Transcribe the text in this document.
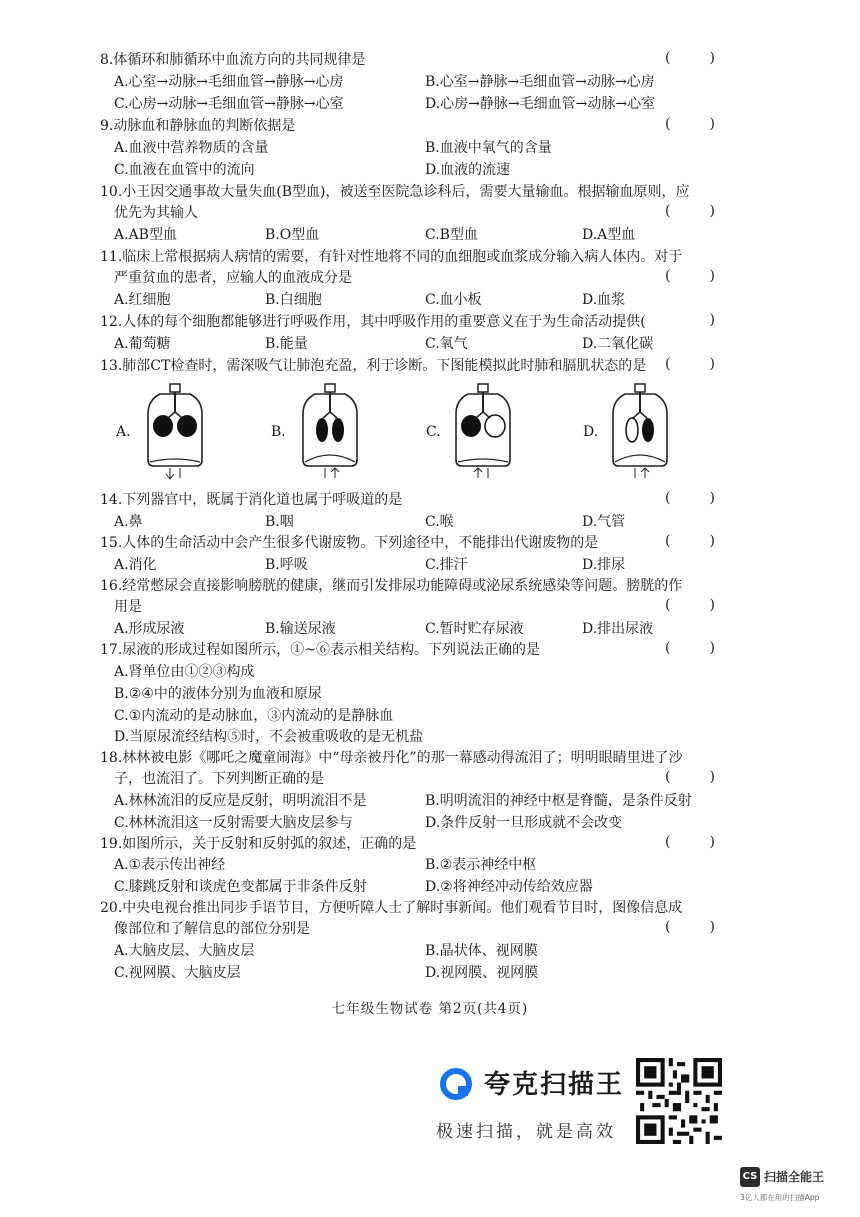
8.体循环和肺循环中血流方向的共同规律是	(	)
A.心室→动脉→毛细血管→静脉→心房	B.心室→静脉→毛细血管→动脉→心房
C.心房→动脉→毛细血管→静脉→心室	D.心房→静脉→毛细血管→动脉→心室
9.动脉血和静脉血的判断依据是	(	)
A.血液中营养物质的含量	B.血液中氧气的含量
C.血液在血管中的流向	D.血液的流速
10.小王因交通事故大量失血(B型血)，被送至医院急诊科后，需要大量输血。根据输血原则，应
优先为其输人	(	)
A.AB型血	B.O型血	C.B型血	D.A型血
11.临床上常根据病人病情的需要，有针对性地将不同的血细胞或血浆成分输入病人体内。对于
严重贫血的患者，应输人的血液成分是	(	)
A.红细胞	B.白细胞	C.血小板	D.血浆
12.人体的每个细胞都能够进行呼吸作用，其中呼吸作用的重要意义在于为生命活动提供(	)
A.葡萄糖	B.能量	C.氧气	D.二氧化碳
13.肺部CT检查时，需深吸气让肺泡充盈，利于诊断。下图能模拟此时肺和膈肌状态的是	(	)
A.	B.	C.	D.
14.下列器官中，既属于消化道也属于呼吸道的是	(	)
A.鼻	B.咽	C.喉	D.气管
15.人体的生命活动中会产生很多代谢废物。下列途径中，不能排出代谢废物的是	(	)
A.消化	B.呼吸	C.排汗	D.排尿
16.经常憋尿会直接影响膀胱的健康，继而引发排尿功能障碍或泌尿系统感染等问题。膀胱的作
用是	(	)
A.形成尿液	B.输送尿液	C.暂时贮存尿液	D.排出尿液
17.尿液的形成过程如图所示，①~⑥表示相关结构。下列说法正确的是	(	)
A.肾单位由①②③构成
B.②④中的液体分别为血液和原尿
C.①内流动的是动脉血，③内流动的是静脉血
D.当原尿流经结构⑤时，不会被重吸收的是无机盐
18.林林被电影《哪吒之魔童闹海》中“母亲被丹化”的那一幕感动得流泪了；明明眼睛里进了沙
子，也流泪了。下列判断正确的是	(	)
A.林林流泪的反应是反射，明明流泪不是	B.明明流泪的神经中枢是脊髓，是条件反射
C.林林流泪这一反射需要大脑皮层参与	D.条件反射一旦形成就不会改变
19.如图所示，关于反射和反射弧的叙述，正确的是	(	)
A.①表示传出神经	B.②表示神经中枢
C.膝跳反射和谈虎色变都属于非条件反射	D.②将神经冲动传给效应器
20.中央电视台推出同步手语节目，方便听障人士了解时事新闻。他们观看节目时，图像信息成
像部位和了解信息的部位分别是	(	)
A.大脑皮层、大脑皮层	B.晶状体、视网膜
C.视网膜、大脑皮层	D.视网膜、视网膜
七年级生物试卷 第2页(共4页)
夸克扫描王
极速扫描，就是高效
CS 扫描全能王
3亿人都在用的扫描App
